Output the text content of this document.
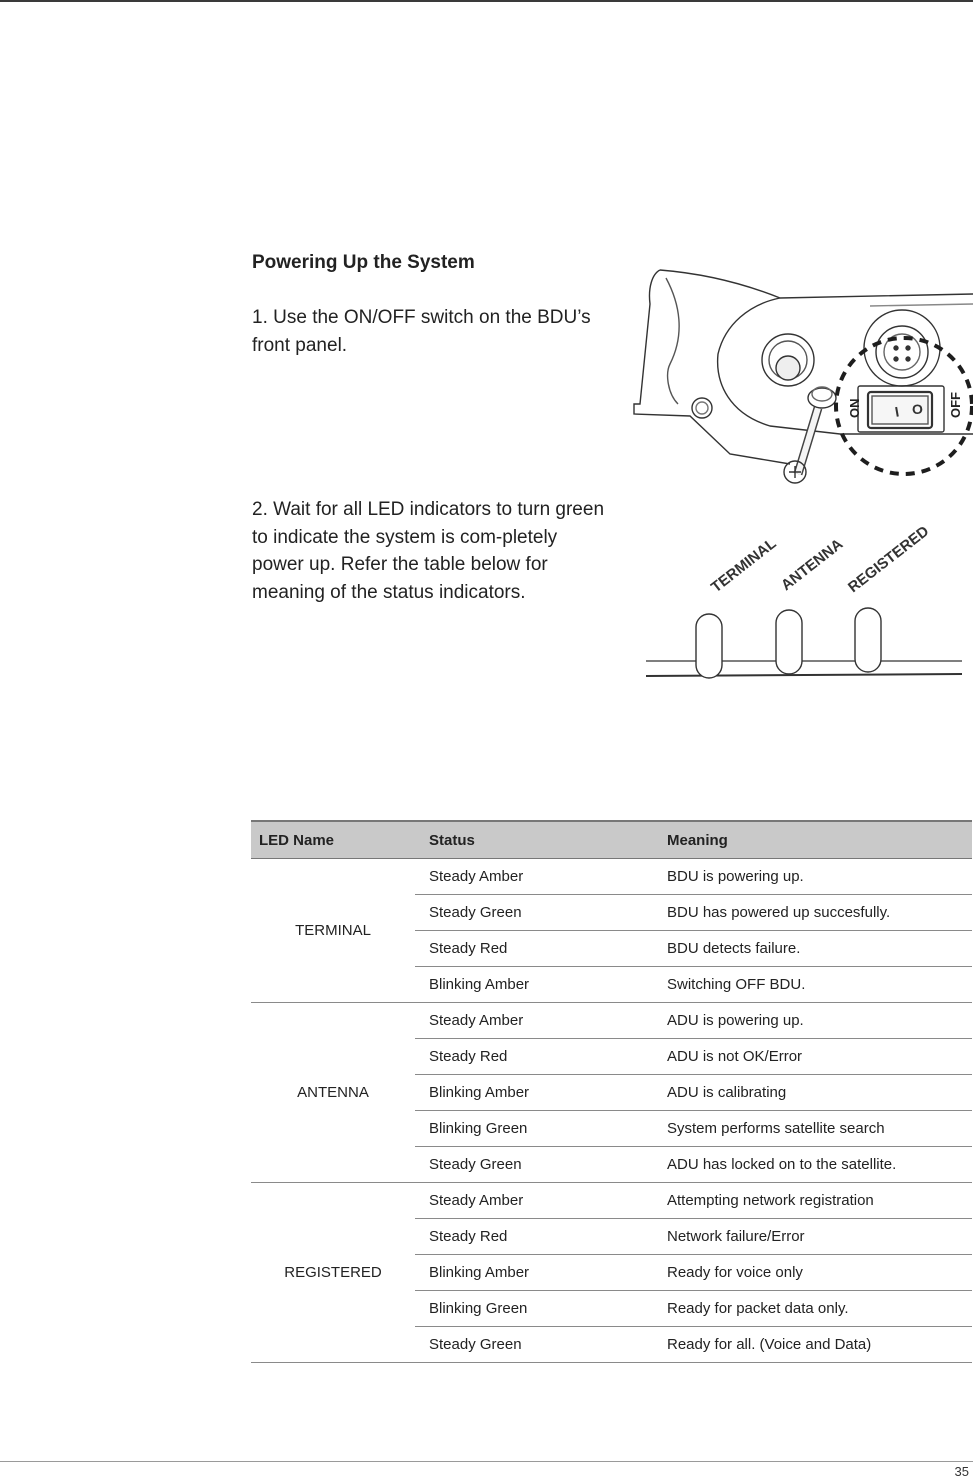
Powering Up the System

1. Use the ON/OFF switch on the BDU’s front panel.

2. Wait for all LED indicators to turn green to indicate the system is com-pletely power up. Refer the table below for meaning of the status indicators.

I O
ON	OFF
TERMINAL
ANTENNA
REGISTERED
LED Name	Status	Meaning
TERMINAL	Steady Amber	BDU is powering up.
	Steady Green	BDU has powered up succesfully.
	Steady Red	BDU detects failure.
	Blinking Amber	Switching OFF BDU.
ANTENNA	Steady Amber	ADU is powering up.
	Steady Red	ADU is not OK/Error
	Blinking Amber	ADU is calibrating
	Blinking Green	System performs satellite search
	Steady Green	ADU has locked on to the satellite.
REGISTERED	Steady Amber	Attempting network registration
	Steady Red	Network failure/Error
	Blinking Amber	Ready for voice only
	Blinking Green	Ready for packet data only.
	Steady Green	Ready for all. (Voice and Data)
35
